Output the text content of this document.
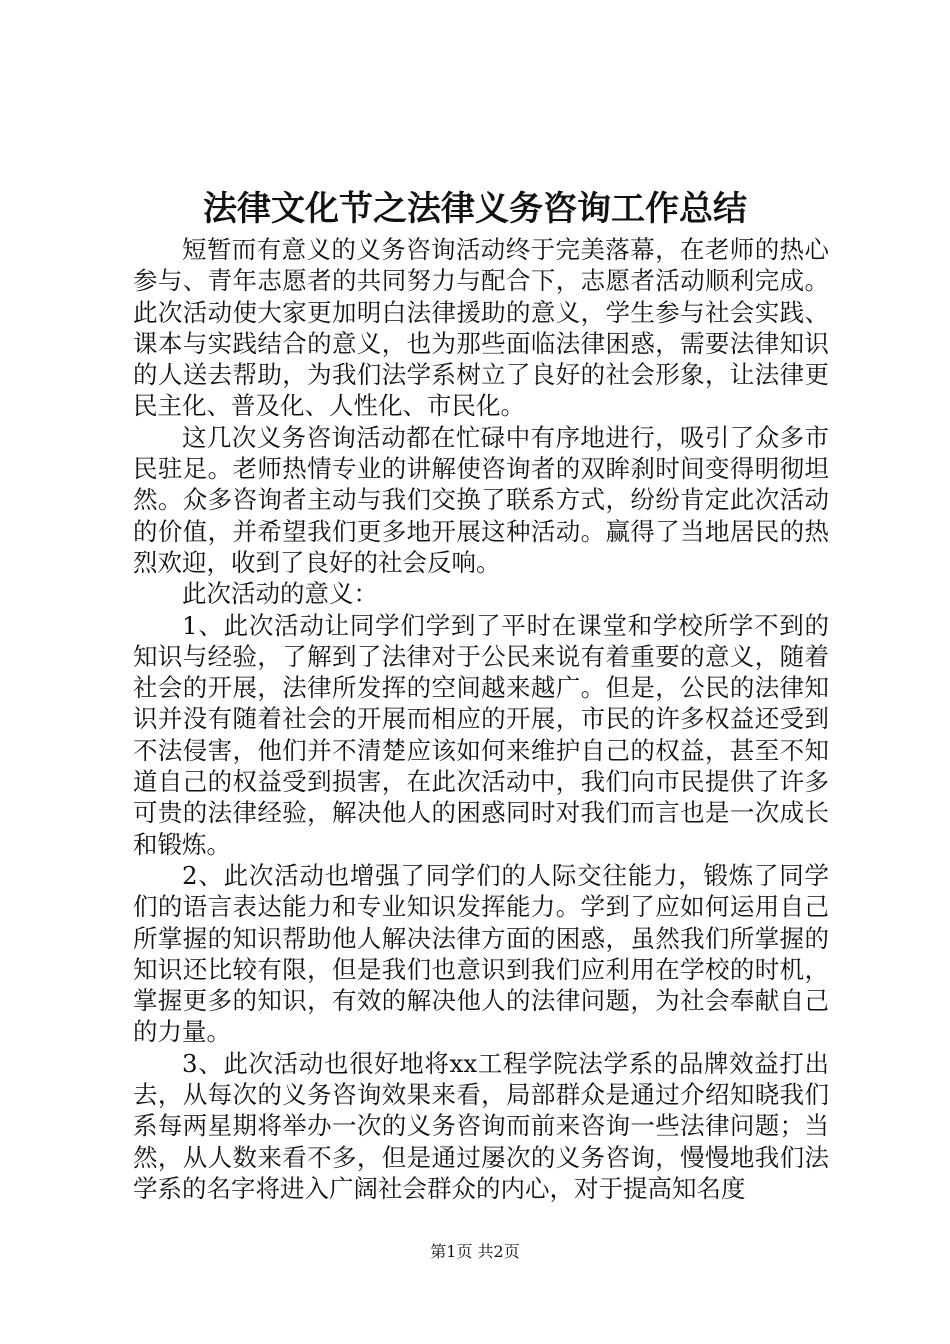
法律文化节之法律义务咨询工作总结

短暂而有意义的义务咨询活动终于完美落幕，在老师的热心参与、青年志愿者的共同努力与配合下，志愿者活动顺利完成。此次活动使大家更加明白法律援助的意义，学生参与社会实践、课本与实践结合的意义，也为那些面临法律困惑，需要法律知识的人送去帮助，为我们法学系树立了良好的社会形象，让法律更民主化、普及化、人性化、市民化。

这几次义务咨询活动都在忙碌中有序地进行，吸引了众多市民驻足。老师热情专业的讲解使咨询者的双眸刹时间变得明彻坦然。众多咨询者主动与我们交换了联系方式，纷纷肯定此次活动的价值，并希望我们更多地开展这种活动。赢得了当地居民的热烈欢迎，收到了良好的社会反响。

此次活动的意义：

1、此次活动让同学们学到了平时在课堂和学校所学不到的知识与经验，了解到了法律对于公民来说有着重要的意义，随着社会的开展，法律所发挥的空间越来越广。但是，公民的法律知识并没有随着社会的开展而相应的开展，市民的许多权益还受到不法侵害，他们并不清楚应该如何来维护自己的权益，甚至不知道自己的权益受到损害，在此次活动中，我们向市民提供了许多可贵的法律经验，解决他人的困惑同时对我们而言也是一次成长和锻炼。

2、此次活动也增强了同学们的人际交往能力，锻炼了同学们的语言表达能力和专业知识发挥能力。学到了应如何运用自己所掌握的知识帮助他人解决法律方面的困惑，虽然我们所掌握的知识还比较有限，但是我们也意识到我们应利用在学校的时机，掌握更多的知识，有效的解决他人的法律问题，为社会奉献自己的力量。

3、此次活动也很好地将xx工程学院法学系的品牌效益打出去，从每次的义务咨询效果来看，局部群众是通过介绍知晓我们系每两星期将举办一次的义务咨询而前来咨询一些法律问题；当然，从人数来看不多，但是通过屡次的义务咨询，慢慢地我们法学系的名字将进入广阔社会群众的内心，对于提高知名度

第1页 共2页
